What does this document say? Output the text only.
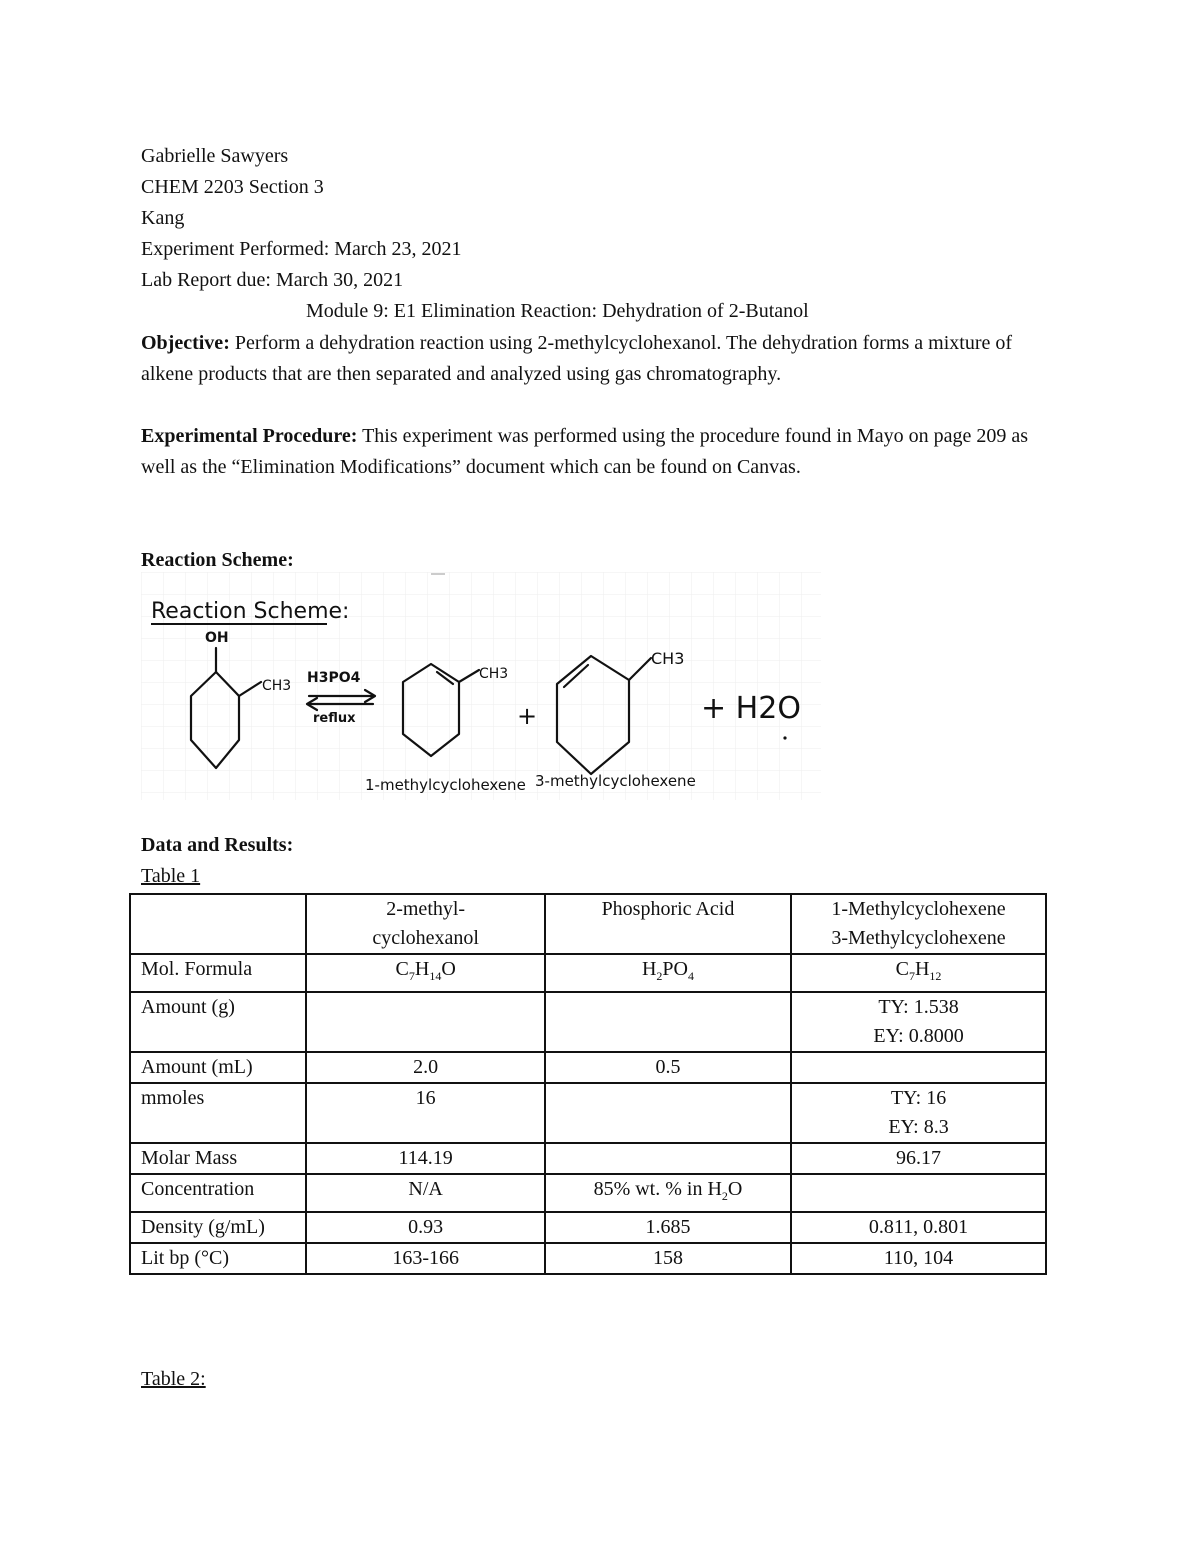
Gabrielle Sawyers
CHEM 2203 Section 3
Kang
Experiment Performed: March 23, 2021
Lab Report due: March 30, 2021
Module 9: E1 Elimination Reaction: Dehydration of 2-Butanol
Objective: Perform a dehydration reaction using 2-methylcyclohexanol. The dehydration forms a mixture of alkene products that are then separated and analyzed using gas chromatography.
Experimental Procedure: This experiment was performed using the procedure found in Mayo on page 209 as well as the “Elimination Modifications” document which can be found on Canvas.
Reaction Scheme:
Reaction Scheme:
OH
CH3 H3PO4
reflux
CH3
+
CH3
+ H2O
1-methylcyclohexene 3-methylcyclohexene
Data and Results:
Table 1

	2-methyl-
cyclohexanol	Phosphoric Acid	1-Methylcyclohexene
3-Methylcyclohexene

Mol. Formula	$C_7H_{14}O$	$H_2PO_4$	$C_7H_{12}$
Amount (g)			TY: 1.538
EY: 0.8000

Amount (mL)	2.0	0.5	
mmoles	16		TY: 16
EY: 8.3

Molar Mass	114.19		96.17
Concentration	N/A	85% wt. % in $H_2O$	
Density (g/mL)	0.93	1.685	0.811, 0.801
Lit bp (°C)	163-166	158	110, 104
Table 2:
